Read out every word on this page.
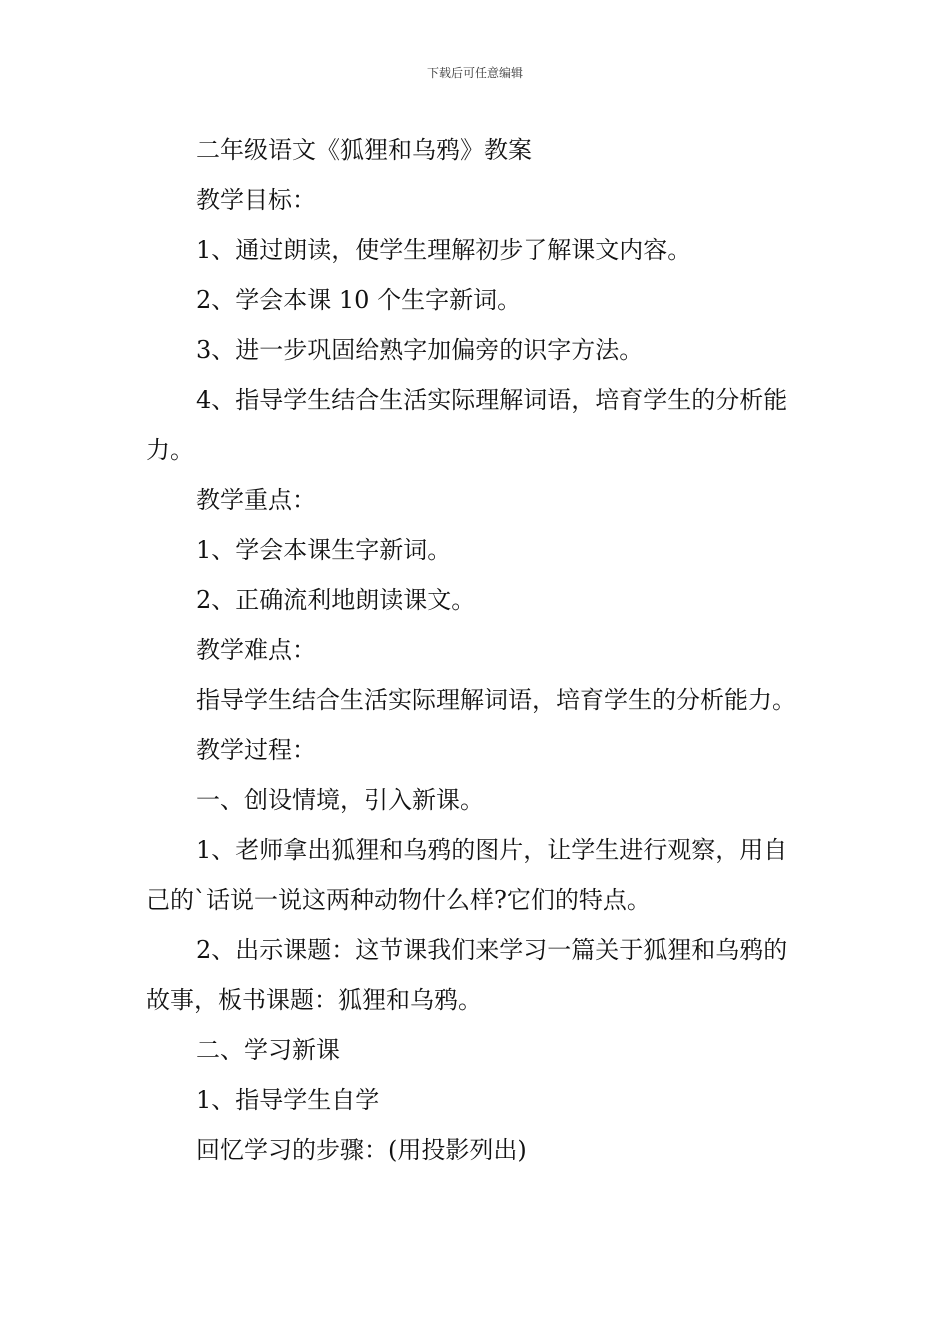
下载后可任意编辑

二年级语文《狐狸和乌鸦》教案

教学目标：

1、通过朗读，使学生理解初步了解课文内容。

2、学会本课 10 个生字新词。

3、进一步巩固给熟字加偏旁的识字方法。

4、指导学生结合生活实际理解词语，培育学生的分析能力。

教学重点：

1、学会本课生字新词。

2、正确流利地朗读课文。

教学难点：

指导学生结合生活实际理解词语，培育学生的分析能力。

教学过程：

一、创设情境，引入新课。

1、老师拿出狐狸和乌鸦的图片，让学生进行观察，用自己的`话说一说这两种动物什么样?它们的特点。

2、出示课题：这节课我们来学习一篇关于狐狸和乌鸦的故事，板书课题：狐狸和乌鸦。

二、学习新课

1、指导学生自学

回忆学习的步骤：(用投影列出)
